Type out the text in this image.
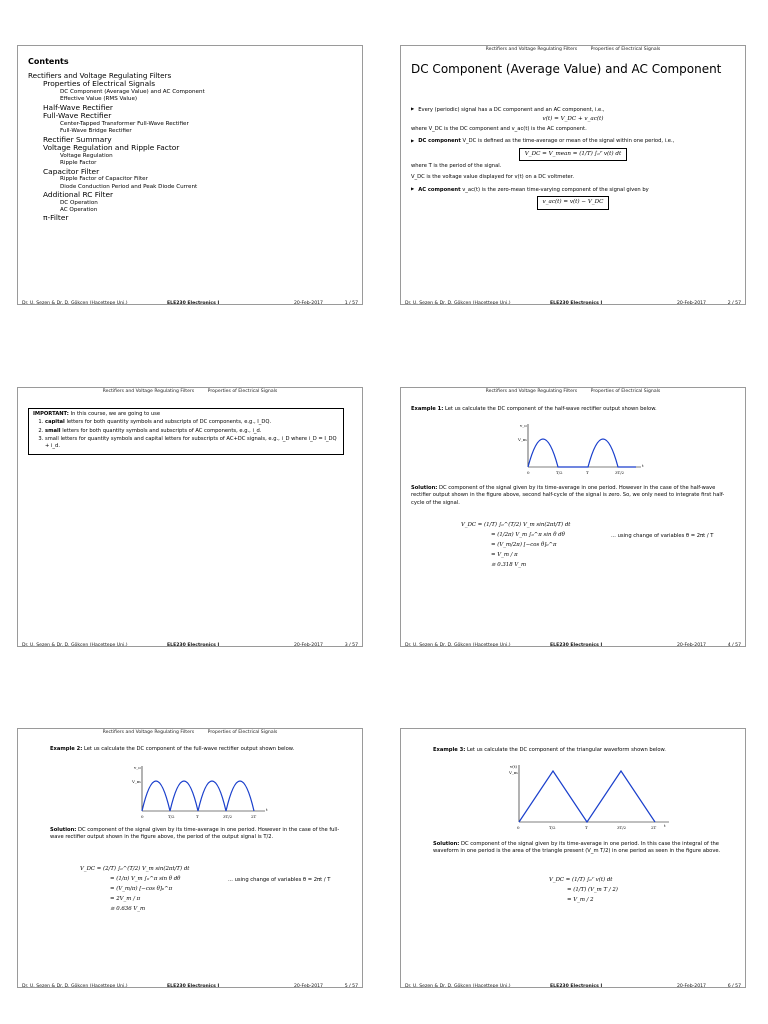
Contents
Rectifiers and Voltage Regulating Filters
Properties of Electrical Signals
DC Component (Average Value) and AC Component
Effective Value (RMS Value)
Half-Wave Rectifier
Full-Wave Rectifier
Center-Tapped Transformer Full-Wave Rectifier
Full-Wave Bridge Rectifier
Rectifier Summary
Voltage Regulation and Ripple Factor
Voltage Regulation
Ripple Factor
Capacitor Filter
Ripple Factor of Capacitor Filter
Diode Conduction Period and Peak Diode Current
Additional RC Filter
DC Operation
AC Operation
π-Filter
Dr. U. Sezen & Dr. D. Gökçen (Hacettepe Uni.)	ELE230 Electronics I	20-Feb-2017	1 / 57
Rectifiers and Voltage Regulating Filters	Properties of Electrical Signals
DC Component (Average Value) and AC Component
▶ Every (periodic) signal has a DC component and an AC component, i.e.,
v(t) = V_DC + v_ac(t)
where V_DC is the DC component and v_ac(t) is the AC component.
▶ DC component V_DC is defined as the time-average or mean of the signal within one period, i.e.,
V_DC = V_mean = (1/T) ∫₀ᵀ v(t) dt
where T is the period of the signal.
V_DC is the voltage value displayed for v(t) on a DC voltmeter.
▶ AC component v_ac(t) is the zero-mean time-varying component of the signal given by
v_ac(t) = v(t) − V_DC
Dr. U. Sezen & Dr. D. Gökçen (Hacettepe Uni.)	ELE230 Electronics I	20-Feb-2017	2 / 57
Rectifiers and Voltage Regulating Filters	Properties of Electrical Signals
IMPORTANT: In this course, we are going to use
1. capital letters for both quantity symbols and subscripts of DC components, e.g., I_DQ.
2. small letters for both quantity symbols and subscripts of AC components, e.g., i_d.
3. small letters for quantity symbols and capital letters for subscripts of AC+DC signals, e.g., i_D where i_D = I_DQ + i_d.
Dr. U. Sezen & Dr. D. Gökçen (Hacettepe Uni.)	ELE230 Electronics I	20-Feb-2017	3 / 57
Rectifiers and Voltage Regulating Filters	Properties of Electrical Signals
Example 1: Let us calculate the DC component of the half-wave rectifier output shown below.
v_o
V_m
t
0	T/2	T	3T/2
Solution: DC component of the signal given by its time-average in one period. However in the case of the half-wave rectifier output shown in the figure above, second half-cycle of the signal is zero. So, we only need to integrate first half-cycle of the signal.
V_DC = (1/T) ∫₀^(T/2) V_m sin(2πt/T) dt
= (1/2π) V_m ∫₀^π sin θ dθ
= (V_m/2π) [−cos θ]₀^π
= V_m / π
≅ 0.318 V_m
... using change of variables θ = 2πt / T
Dr. U. Sezen & Dr. D. Gökçen (Hacettepe Uni.)	ELE230 Electronics I	20-Feb-2017	4 / 57
Rectifiers and Voltage Regulating Filters	Properties of Electrical Signals
Example 2: Let us calculate the DC component of the full-wave rectifier output shown below.
v_o
V_m
t
0	T/2	T	3T/2	2T
Solution: DC component of the signal given by its time-average in one period. However in the case of the full-wave rectifier output shown in the figure above, the period of the output signal is T/2.
V_DC = (2/T) ∫₀^(T/2) V_m sin(2πt/T) dt
= (1/π) V_m ∫₀^π sin θ dθ
= (V_m/π) [−cos θ]₀^π
= 2V_m / π
≅ 0.636 V_m
... using change of variables θ = 2πt / T
Dr. U. Sezen & Dr. D. Gökçen (Hacettepe Uni.)	ELE230 Electronics I	20-Feb-2017	5 / 57
Example 3: Let us calculate the DC component of the triangular waveform shown below.
v(t)
V_m
t
0	T/2	T	3T/2	2T
Solution: DC component of the signal given by its time-average in one period. In this case the integral of the waveform in one period is the area of the triangle present (V_m T/2) in one period as seen in the figure above.
V_DC = (1/T) ∫₀ᵀ v(t) dt
= (1/T) (V_m T / 2)
= V_m / 2
Dr. U. Sezen & Dr. D. Gökçen (Hacettepe Uni.)	ELE230 Electronics I	20-Feb-2017	6 / 57
